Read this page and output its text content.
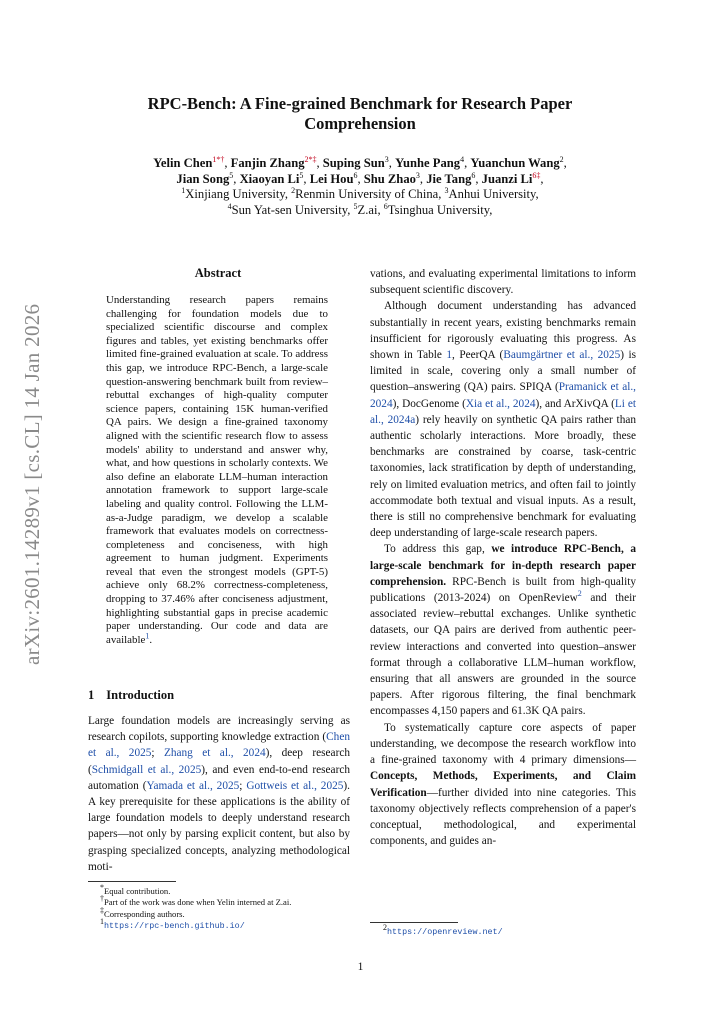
arXiv:2601.14289v1 [cs.CL] 14 Jan 2026
RPC-Bench: A Fine-grained Benchmark for Research Paper
Comprehension
Yelin Chen$^{1*\dagger}$, Fanjin Zhang$^{2*\ddagger}$, Suping Sun$^3$, Yunhe Pang$^4$, Yuanchun Wang$^2$,
Jian Song$^5$, Xiaoyan Li$^5$, Lei Hou$^6$, Shu Zhao$^3$, Jie Tang$^6$, Juanzi $Li^{6\ddagger}$,
$^1$Xinjiang University, $^2$Renmin University of China, $^3$Anhui University,
$^4$Sun Yat-sen University, $^5$Z.ai, $^6$Tsinghua University,
Abstract
Understanding research papers remains challenging for foundation models due to specialized scientific discourse and complex figures and tables, yet existing benchmarks offer limited fine-grained evaluation at scale. To address this gap, we introduce RPC-Bench, a large-scale question-answering benchmark built from review–rebuttal exchanges of high-quality computer science papers, containing 15K human-verified QA pairs. We design a fine-grained taxonomy aligned with the scientific research flow to assess models' ability to understand and answer why, what, and how questions in scholarly contexts. We also define an elaborate LLM–human interaction annotation framework to support large-scale labeling and quality control. Following the LLM-as-a-Judge paradigm, we develop a scalable framework that evaluates models on correctness-completeness and conciseness, with high agreement to human judgment. Experiments reveal that even the strongest models (GPT-5) achieve only 68.2% correctness-completeness, dropping to 37.46% after conciseness adjustment, highlighting substantial gaps in precise academic paper understanding. Our code and data are available$^1$.
1 Introduction

Large foundation models are increasingly serving as research copilots, supporting knowledge extraction (Chen et al., 2025; Zhang et al., 2024), deep research (Schmidgall et al., 2025), and even end-to-end research automation (Yamada et al., 2025; Gottweis et al., 2025). A key prerequisite for these applications is the ability of large foundation models to deeply understand research papers—not only by parsing explicit content, but also by grasping specialized concepts, analyzing methodological moti-

*Equal contribution.
†Part of the work was done when Yelin interned at Z.ai.
‡Corresponding authors.
$^1$https://rpc-bench.github.io/

vations, and evaluating experimental limitations to inform subsequent scientific discovery.

Although document understanding has advanced substantially in recent years, existing benchmarks remain insufficient for rigorously evaluating this progress. As shown in Table 1, PeerQA (Baumgärtner et al., 2025) is limited in scale, covering only a small number of question–answering (QA) pairs. SPIQA (Pramanick et al., 2024), DocGenome (Xia et al., 2024), and ArXivQA (Li et al., 2024a) rely heavily on synthetic QA pairs rather than authentic scholarly interactions. More broadly, these benchmarks are constrained by coarse, task-centric taxonomies, lack stratification by depth of understanding, rely on limited evaluation metrics, and often fail to jointly accommodate both textual and visual inputs. As a result, there is still no comprehensive benchmark for evaluating deep understanding of large-scale research papers.

To address this gap, we introduce RPC-Bench, a large-scale benchmark for in-depth research paper comprehension. RPC-Bench is built from high-quality publications (2013-2024) on OpenReview$^2$ and their associated review–rebuttal exchanges. Unlike synthetic datasets, our QA pairs are derived from authentic peer-review interactions and converted into question–answer format through a collaborative LLM–human workflow, ensuring that all answers are grounded in the source papers. After rigorous filtering, the final benchmark encompasses 4,150 papers and 61.3K QA pairs.

To systematically capture core aspects of paper understanding, we decompose the research workflow into a fine-grained taxonomy with 4 primary dimensions—Concepts, Methods, Experiments, and Claim Verification—further divided into nine categories. This taxonomy objectively reflects comprehension of a paper's conceptual, methodological, and experimental components, and guides an-

$^2$https://openreview.net/
1
